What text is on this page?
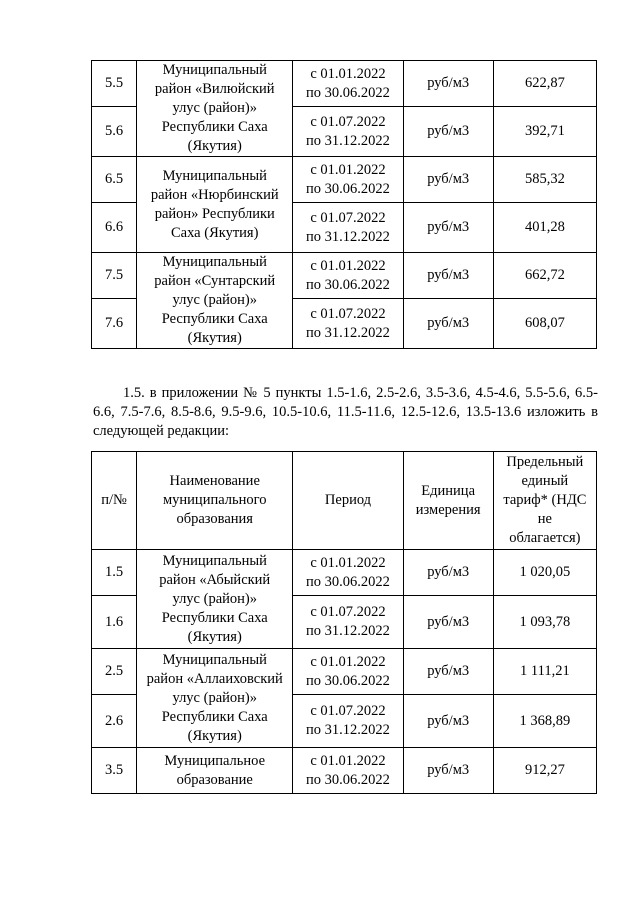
5.5	Муниципальный
район «Вилюйский
улус (район)»
Республики Саха
(Якутия)	с 01.01.2022
по 30.06.2022	руб/м3	622,87
5.6		с 01.07.2022
по 31.12.2022	руб/м3	392,71
6.5	Муниципальный
район «Нюрбинский
район» Республики
Саха (Якутия)	с 01.01.2022
по 30.06.2022	руб/м3	585,32
6.6		с 01.07.2022
по 31.12.2022	руб/м3	401,28
7.5	Муниципальный
район «Сунтарский
улус (район)»
Республики Саха
(Якутия)	с 01.01.2022
по 30.06.2022	руб/м3	662,72
7.6		с 01.07.2022
по 31.12.2022	руб/м3	608,07

1.5. в приложении № 5 пункты 1.5-1.6, 2.5-2.6, 3.5-3.6, 4.5-4.6, 5.5-5.6, 6.5-6.6, 7.5-7.6, 8.5-8.6, 9.5-9.6, 10.5-10.6, 11.5-11.6, 12.5-12.6, 13.5-13.6 изложить в следующей редакции:

п/№	Наименование
муниципального
образования	Период	Единица
измерения	Предельный
единый
тариф* (НДС
не
облагается)
1.5	Муниципальный
район «Абыйский
улус (район)»
Республики Саха
(Якутия)	с 01.01.2022
по 30.06.2022	руб/м3	1 020,05
1.6		с 01.07.2022
по 31.12.2022	руб/м3	1 093,78
2.5	Муниципальный
район «Аллаиховский
улус (район)»
Республики Саха
(Якутия)	с 01.01.2022
по 30.06.2022	руб/м3	1 111,21
2.6		с 01.07.2022
по 31.12.2022	руб/м3	1 368,89
3.5	Муниципальное
образование	с 01.01.2022
по 30.06.2022	руб/м3	912,27
